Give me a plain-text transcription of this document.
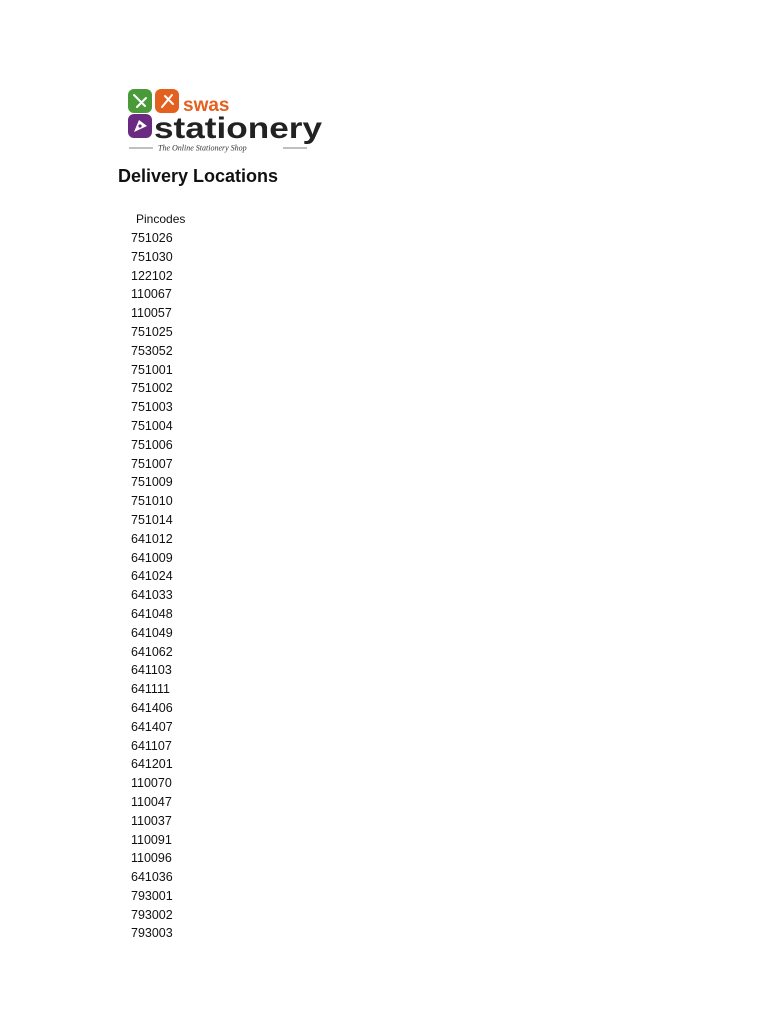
swas
stationery
The Online Stationery Shop
Delivery Locations
Pincodes
751026
751030
122102
110067
110057
751025
753052
751001
751002
751003
751004
751006
751007
751009
751010
751014
641012
641009
641024
641033
641048
641049
641062
641103
641111
641406
641407
641107
641201
110070
110047
110037
110091
110096
641036
793001
793002
793003
